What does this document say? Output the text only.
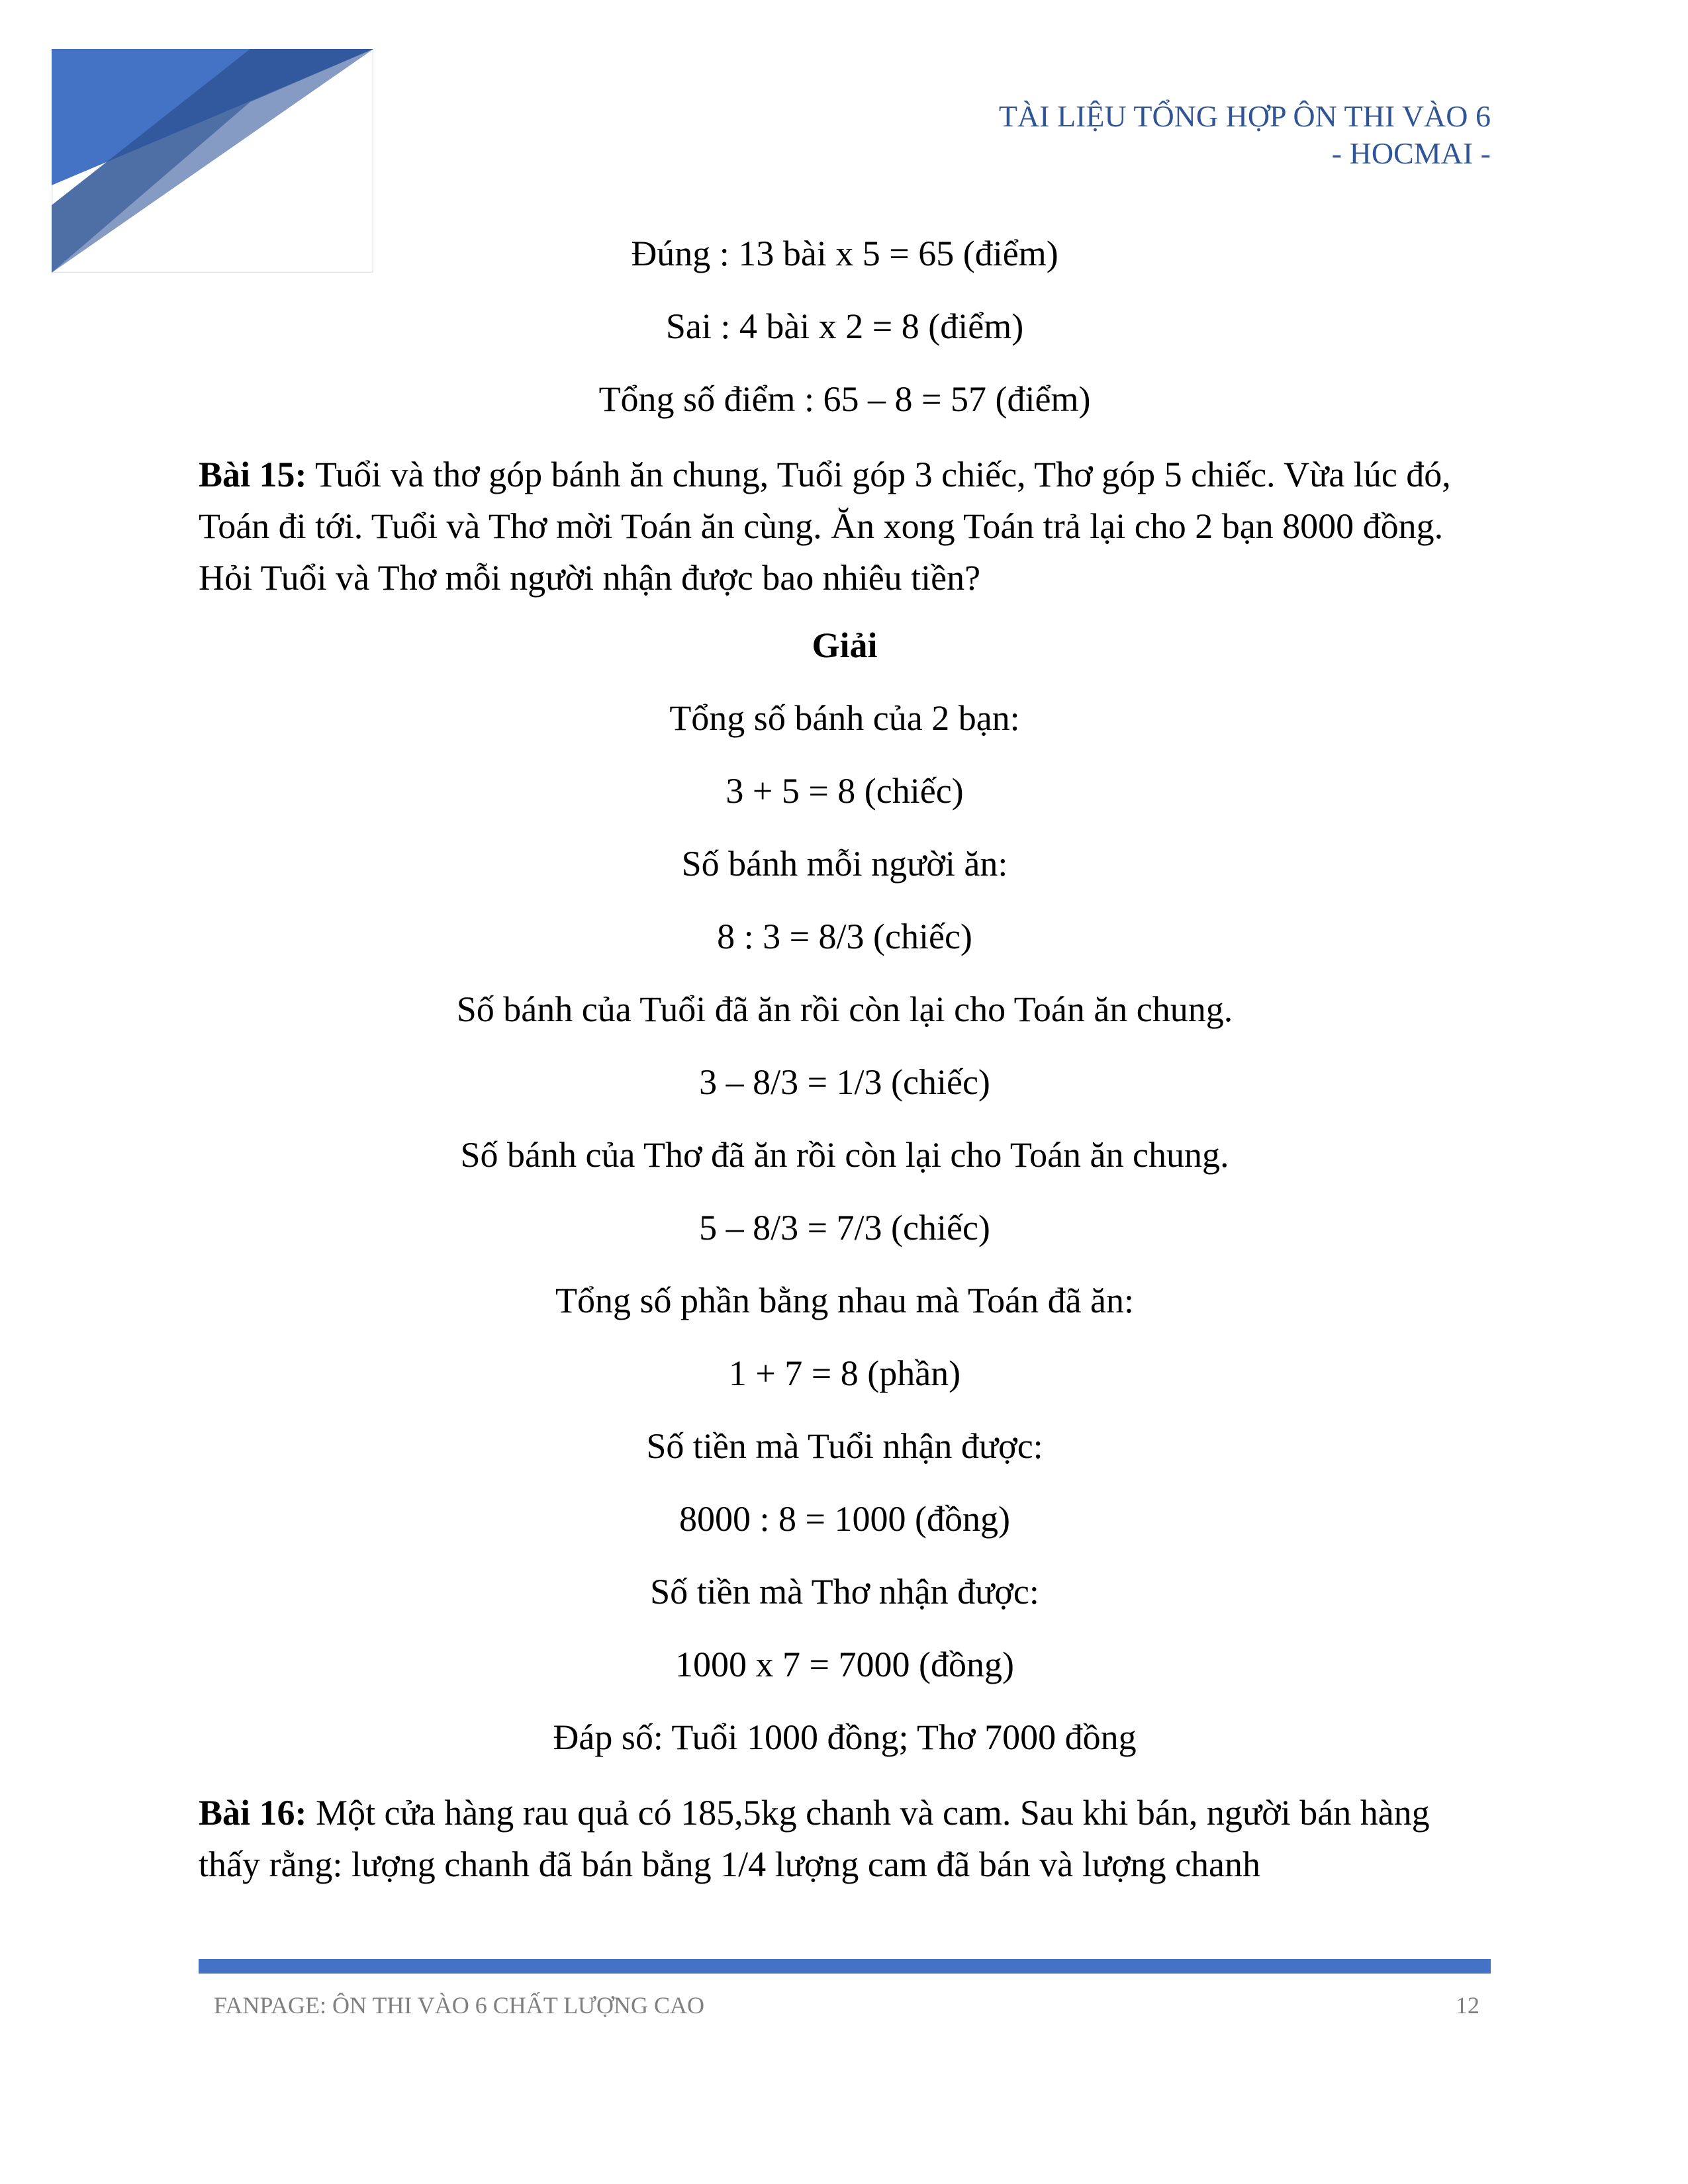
TÀI LIỆU TỔNG HỢP ÔN THI VÀO 6
- HOCMAI -
Đúng : 13 bài x 5 = 65 (điểm)
Sai : 4 bài x 2 = 8 (điểm)
Tổng số điểm : 65 – 8 = 57 (điểm)
Bài 15: Tuổi và thơ góp bánh ăn chung, Tuổi góp 3 chiếc, Thơ góp 5 chiếc. Vừa lúc đó, Toán đi tới. Tuổi và Thơ mời Toán ăn cùng. Ăn xong Toán trả lại cho 2 bạn 8000 đồng. Hỏi Tuổi và Thơ mỗi người nhận được bao nhiêu tiền?
Giải
Tổng số bánh của 2 bạn:
3 + 5 = 8 (chiếc)
Số bánh mỗi người ăn:
8 : 3 = 8/3 (chiếc)
Số bánh của Tuổi đã ăn rồi còn lại cho Toán ăn chung.
3 – 8/3 = 1/3 (chiếc)
Số bánh của Thơ đã ăn rồi còn lại cho Toán ăn chung.
5 – 8/3 = 7/3 (chiếc)
Tổng số phần bằng nhau mà Toán đã ăn:
1 + 7 = 8 (phần)
Số tiền mà Tuổi nhận được:
8000 : 8 = 1000 (đồng)
Số tiền mà Thơ nhận được:
1000 x 7 = 7000 (đồng)
Đáp số: Tuổi 1000 đồng; Thơ 7000 đồng
Bài 16: Một cửa hàng rau quả có 185,5kg chanh và cam. Sau khi bán, người bán hàng thấy rằng: lượng chanh đã bán bằng 1/4 lượng cam đã bán và lượng chanh
FANPAGE: ÔN THI VÀO 6 CHẤT LƯỢNG CAO	12
